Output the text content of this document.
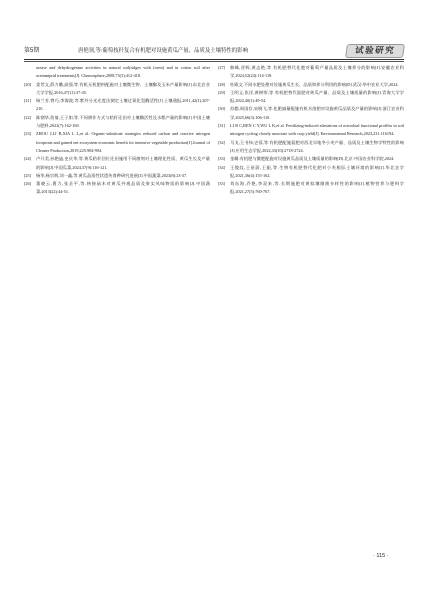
第5期	唐艳领,等:葡萄枝秆复合有机肥对设施黄瓜产量、品质及土壤特性的影响	试验研究
urease and dehydrogenase activities in natural soil(ridges with forest) and in cotton soil after acetamiprid treatments[J]. Chemosphere,2008,73(3):412-418.
[20] 姜世文,薛力雕,高强,等.有机无机肥料配施对土壤微生物、土壤酶及玉米产量影响[J].东北农业大学学报,2016,47(11):37-45.
[21] 杨兰芳,曾巧,李海波,等.紫外分光光度法测定土壤过氧化氢酶活性[J].土壤通报,2011,42(1):207-210.
[22] 陈钢华,詹倩,王子如,等.不同耕作方式与秸秆还田对土壤酶活性及水稻产量的影响[J].中国土壤与肥料,2022(7):162-169.
[23] ZHOU J,LI B,XIA L L,et al. Organic-substitute strategies reduced carbon and reactive nitrogen footprints and gained net ecosystem economic benefit for intensive vegetable production[J].Journal of Cleaner Production,2019,225:984-994.
[24] 卢开美,孙艳迪,史庆华,等.黄瓜秸秆回位还田施用不同菌剂对土壤理化性质、黄瓜生长及产量的影响[J].中国瓜菜,2024,37(9):116-121.
[25] 杨华,杨宗辉,刘一鑫,等.黄瓜品质性状遗传育种研究进展[J].中国蔬菜,2023(8):23-37.
[26] 董晓云,曹力,张圣平,等.核接砧木对黄瓜外观品质及果实风味物质的影响[J].中国蔬菜,2013(22):44-51.
[27] 韩峰,晋辉,黄志艳,等.有机肥替代化肥对葡萄产量品质及土壤养分的影响[J].安徽农业科学,2024,52(24):114-118.
[28] 杜殿文.不同水肥处理对设施黄瓜生长、品质和养分利用的影响[D].武汉:华中农业大学,2024.
[29] 王明义,张洋,黄树带,等.有机肥替代氮肥对黄瓜产量、品质及土壤质量的影响[J].青海大学学报,2022,40(1):49-54.
[30] 苏勤,周国存,宋晓飞,等.化肥减量配施有机水溶肥对设施黄瓜品质及产量的影响[J].浙江农业科学,2025,66(3):106-110.
[31] LI R C,REN C Y,WU L K,et al. Fertilizing-induced alterations of microbial functional profiles in soil nitrogen cycling closely associate with crop yield[J]. Environmental Research,2023,231:116194.
[32] 马戈,王书伟,史蓉,等.有机肥配施氮肥对西北旱地冬小麦产量、品质及土壤生物学特性的影响[J].应用生态学报,2022,33(10):2718-2724.
[33] 金璐.有机肥与微肥配施对设施黄瓜品质及土壤质量的影响[D].北京:中国农业科学院,2024.
[34] 王俊纹,王星蔚,王振,等.生物有机肥替代化肥对小麦根际土壤环境的影响[J].华北农学报,2021,36(4):155-162.
[35] 刘东海,乔艳,李双来,等.长期施肥对黄棕壤细菌多样性的影响[J].植物营养与肥料学报,2021,27(5):760-767.
· 115 ·
